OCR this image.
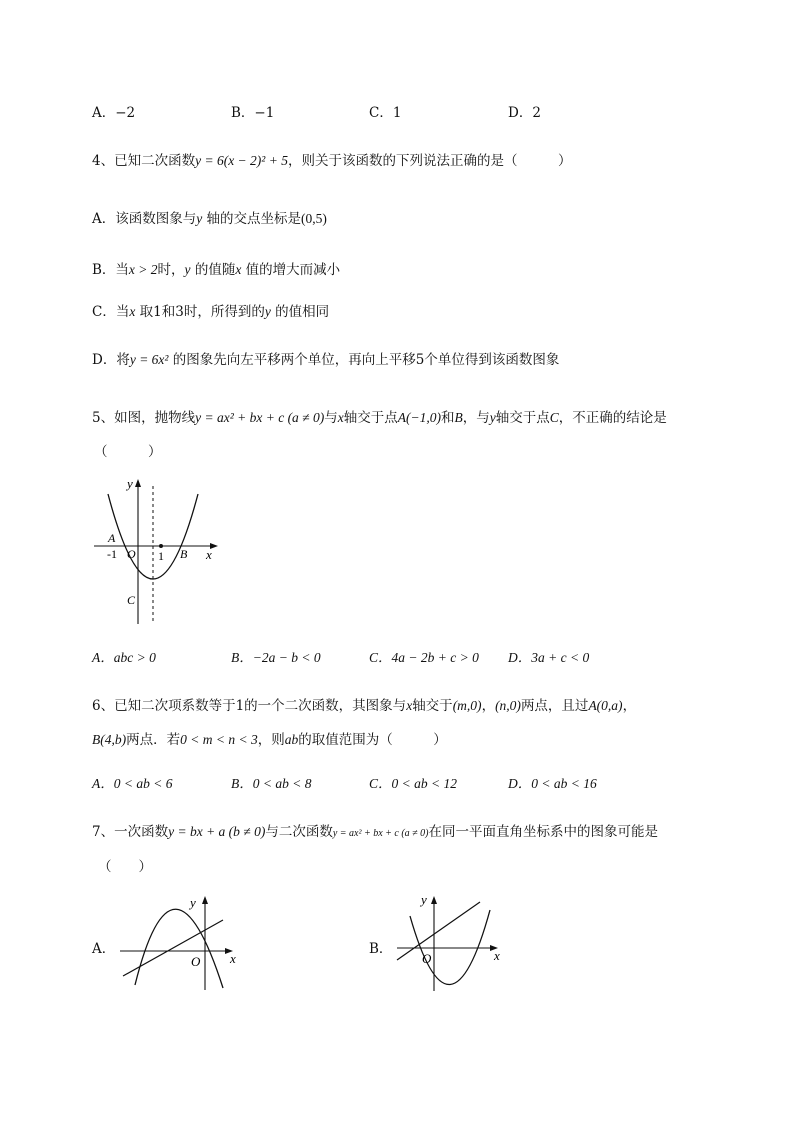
A．−2	B．−1	C．1	D．2
4、已知二次函数y = 6(x − 2)² + 5，则关于该函数的下列说法正确的是（　　　）
A．该函数图象与y 轴的交点坐标是(0,5)
B．当x > 2时，y 的值随x 值的增大而减小
C．当x 取1和3时，所得到的y 的值相同
D．将y = 6x² 的图象先向左平移两个单位，再向上平移5个单位得到该函数图象
5、如图，抛物线y = ax² + bx + c (a ≠ 0)与x轴交于点A(−1,0)和B，与y轴交于点C，不正确的结论是
（　　　）
y
x
A
-1 O 1 B
C
A．abc > 0	B．−2a − b < 0	C．4a − 2b + c > 0 D．3a + c < 0
6、已知二次项系数等于1的一个二次函数，其图象与x轴交于(m,0)，(n,0)两点，且过A(0,a)，
B(4,b)两点．若0 < m < n < 3，则ab的取值范围为（　　　）
A．0 < ab < 6	B．0 < ab < 8	C．0 < ab < 12	D．0 < ab < 16
7、一次函数y = bx + a (b ≠ 0)与二次函数y = ax² + bx + c (a ≠ 0)在同一平面直角坐标系中的图象可能是
（　　）
A．
y
x
O
B．
y
x
O
